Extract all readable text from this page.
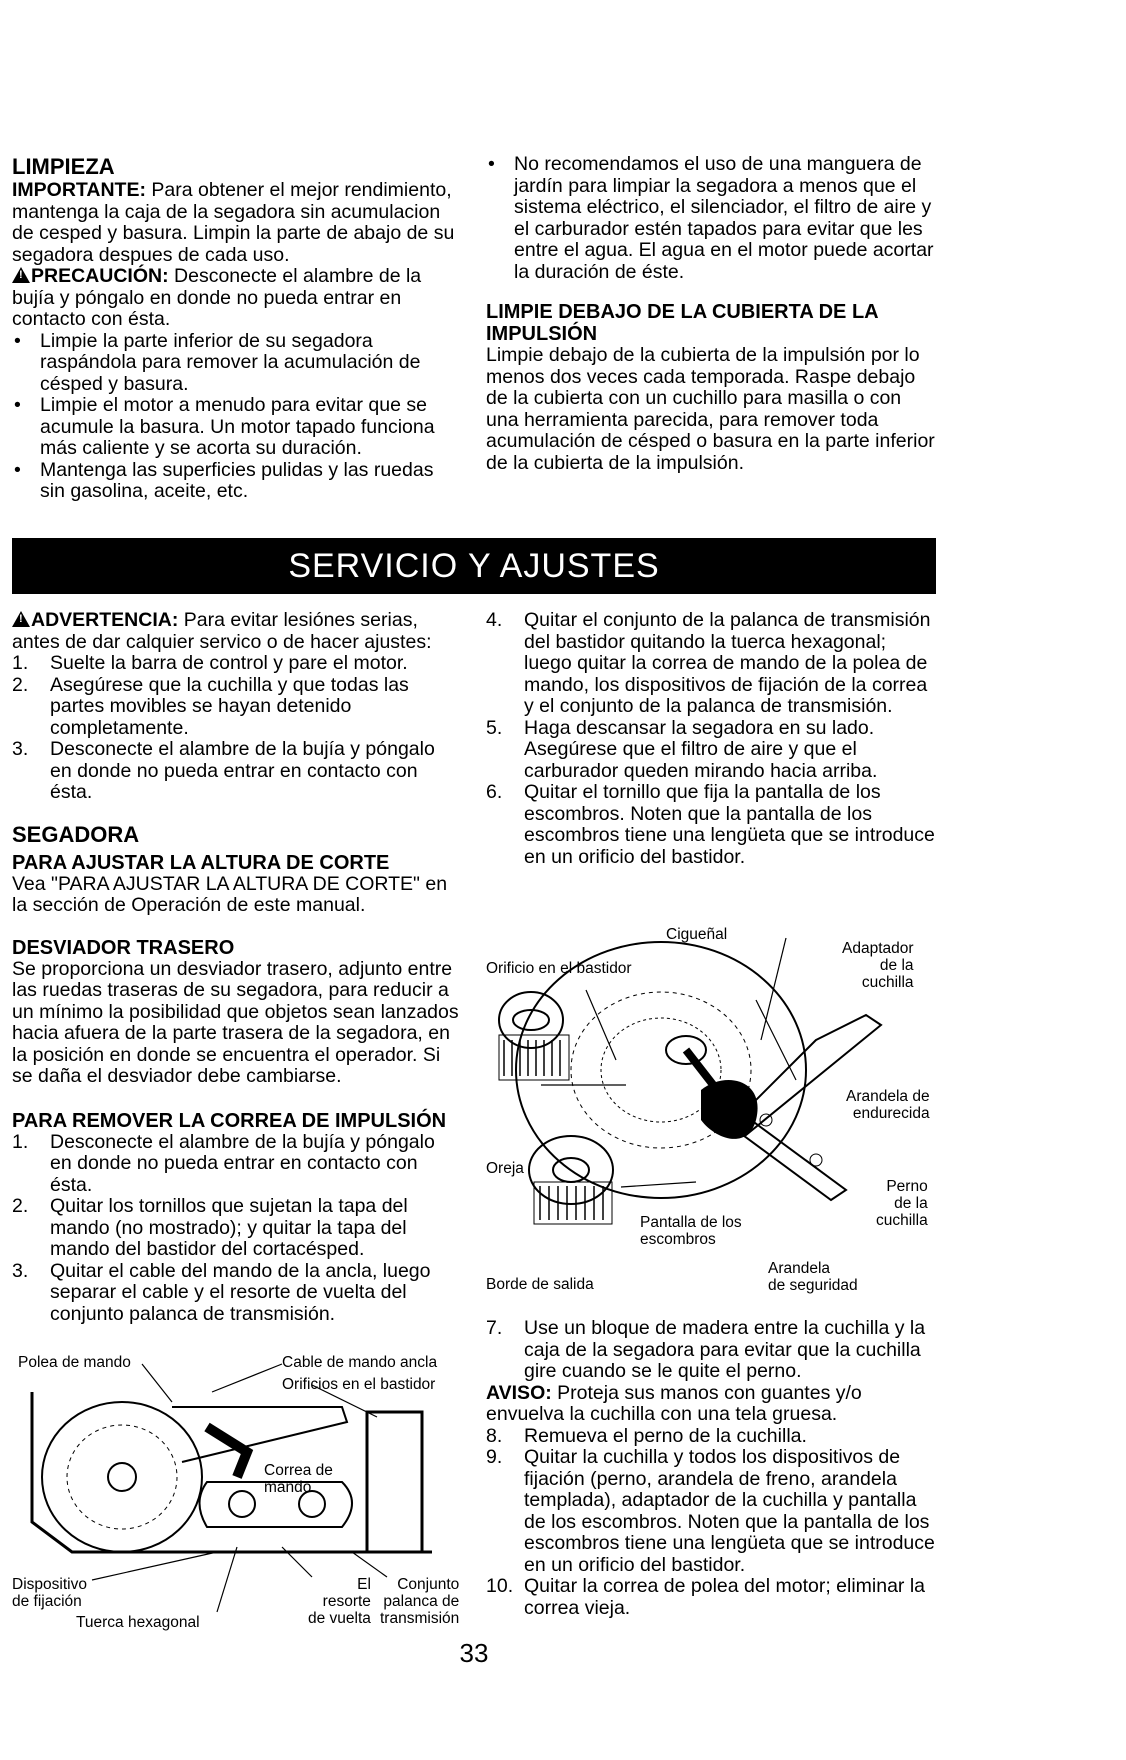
LIMPIEZA

IMPORTANTE: Para obtener el mejor rendimiento, mantenga la caja de la segadora sin acumulacion de cesped y basura. Limpin la parte de abajo de su segadora despues de cada uso.

!PRECAUCIÓN: Desconecte el alambre de la bujía y póngalo en donde no pueda entrar en contacto con ésta.

• Limpie la parte inferior de su segadora raspándola para remover la acumulación de césped y basura.

• Limpie el motor a menudo para evitar que se acumule la basura. Un motor tapado funciona más caliente y se acorta su duración.

• Mantenga las superficies pulidas y las ruedas sin gasolina, aceite, etc.

• No recomendamos el uso de una manguera de jardín para limpiar la segadora a menos que el sistema eléctrico, el silenciador, el filtro de aire y el carburador estén tapados para evitar que les entre el agua. El agua en el motor puede acortar la duración de éste.

LIMPIE DEBAJO DE LA CUBIERTA DE LA IMPULSIÓN

Limpie debajo de la cubierta de la impulsión por lo menos dos veces cada temporada. Raspe debajo de la cubierta con un cuchillo para masilla o con una herramienta parecida, para remover toda acumulación de césped o basura en la parte inferior de la cubierta de la impulsión.

SERVICIO Y AJUSTES

!ADVERTENCIA: Para evitar lesiónes serias, antes de dar calquier servico o de hacer ajustes:

1. Suelte la barra de control y pare el motor.

2. Asegúrese que la cuchilla y que todas las partes movibles se hayan detenido completamente.

3. Desconecte el alambre de la bujía y póngalo en donde no pueda entrar en contacto con ésta.

SEGADORA

PARA AJUSTAR LA ALTURA DE CORTE

Vea "PARA AJUSTAR LA ALTURA DE CORTE" en la sección de Operación de este manual.

DESVIADOR TRASERO

Se proporciona un desviador trasero, adjunto entre las ruedas traseras de su segadora, para reducir a un mínimo la posibilidad que objetos sean lanzados hacia afuera de la parte trasera de la segadora, en la posición en donde se encuentra el operador. Si se daña el desviador debe cambiarse.

PARA REMOVER LA CORREA DE IMPULSIÓN

1. Desconecte el alambre de la bujía y póngalo en donde no pueda entrar en contacto con ésta.

2. Quitar los tornillos que sujetan la tapa del mando (no mostrado); y quitar la tapa del mando del bastidor del cortacésped.

3. Quitar el cable del mando de la ancla, luego separar el cable y el resorte de vuelta del conjunto palanca de transmisión.

4. Quitar el conjunto de la palanca de transmisión del bastidor quitando la tuerca hexagonal; luego quitar la correa de mando de la polea de mando, los dispositivos de fijación de la correa y el conjunto de la palanca de transmisión.

5. Haga descansar la segadora en su lado. Asegúrese que el filtro de aire y que el carburador queden mirando hacia arriba.

6. Quitar el tornillo que fija la pantalla de los escombros. Noten que la pantalla de los escombros tiene una lengüeta que se introduce en un orificio del bastidor.

Cigueñal
Orificio en el bastidor
Adaptador
de la
cuchilla
Arandela de
endurecida
Oreja
Perno
de la
cuchilla
Pantalla de los
escombros
Arandela
de seguridad
Borde de salida

7. Use un bloque de madera entre la cuchilla y la caja de la segadora para evitar que la cuchilla gire cuando se le quite el perno.

AVISO: Proteja sus manos con guantes y/o envuelva la cuchilla con una tela gruesa.

8. Remueva el perno de la cuchilla.

9. Quitar la cuchilla y todos los dispositivos de fijación (perno, arandela de freno, arandela templada), adaptador de la cuchilla y pantalla de los escombros. Noten que la pantalla de los escombros tiene una lengüeta que se introduce en un orificio del bastidor.

10. Quitar la correa de polea del motor; eliminar la correa vieja.

Polea de mando	Cable de mando ancla
Orificios en el bastidor
Correa de
mando
Dispositivo
de fijación
Tuerca hexagonal
El
resorte
de vuelta
Conjunto
palanca de
transmisión
33
